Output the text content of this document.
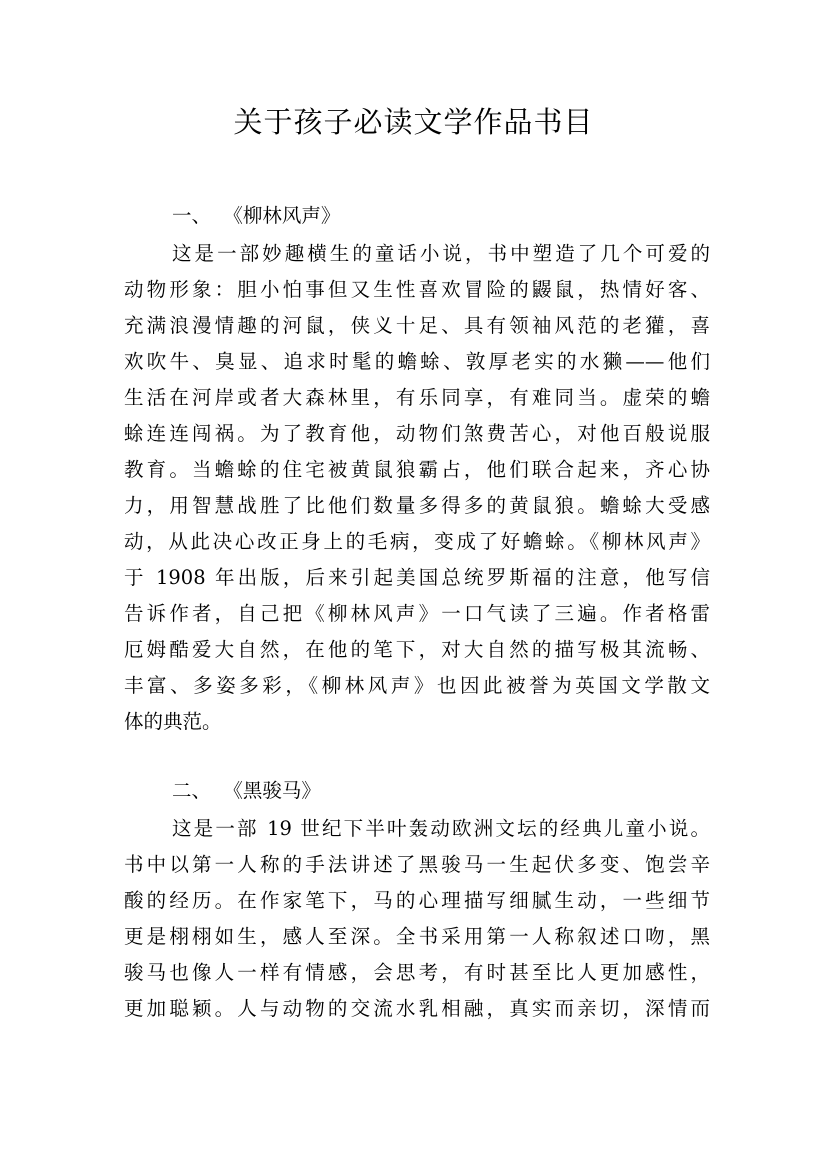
关于孩子必读文学作品书目
一、  《柳林风声》

这是一部妙趣横生的童话小说，书中塑造了几个可爱的

动物形象：胆小怕事但又生性喜欢冒险的鼹鼠，热情好客、

充满浪漫情趣的河鼠，侠义十足、具有领袖风范的老獾，喜

欢吹牛、臭显、追求时髦的蟾蜍、敦厚老实的水獭——他们

生活在河岸或者大森林里，有乐同享，有难同当。虚荣的蟾

蜍连连闯祸。为了教育他，动物们煞费苦心，对他百般说服

教育。当蟾蜍的住宅被黄鼠狼霸占，他们联合起来，齐心协

力，用智慧战胜了比他们数量多得多的黄鼠狼。蟾蜍大受感

动，从此决心改正身上的毛病，变成了好蟾蜍。《柳林风声》

于 1908 年出版，后来引起美国总统罗斯福的注意，他写信

告诉作者，自己把《柳林风声》一口气读了三遍。作者格雷

厄姆酷爱大自然，在他的笔下，对大自然的描写极其流畅、

丰富、多姿多彩，《柳林风声》也因此被誉为英国文学散文

体的典范。

二、  《黑骏马》

这是一部 19 世纪下半叶轰动欧洲文坛的经典儿童小说。

书中以第一人称的手法讲述了黑骏马一生起伏多变、饱尝辛

酸的经历。在作家笔下，马的心理描写细腻生动，一些细节

更是栩栩如生，感人至深。全书采用第一人称叙述口吻，黑

骏马也像人一样有情感，会思考，有时甚至比人更加感性，

更加聪颖。人与动物的交流水乳相融，真实而亲切，深情而
